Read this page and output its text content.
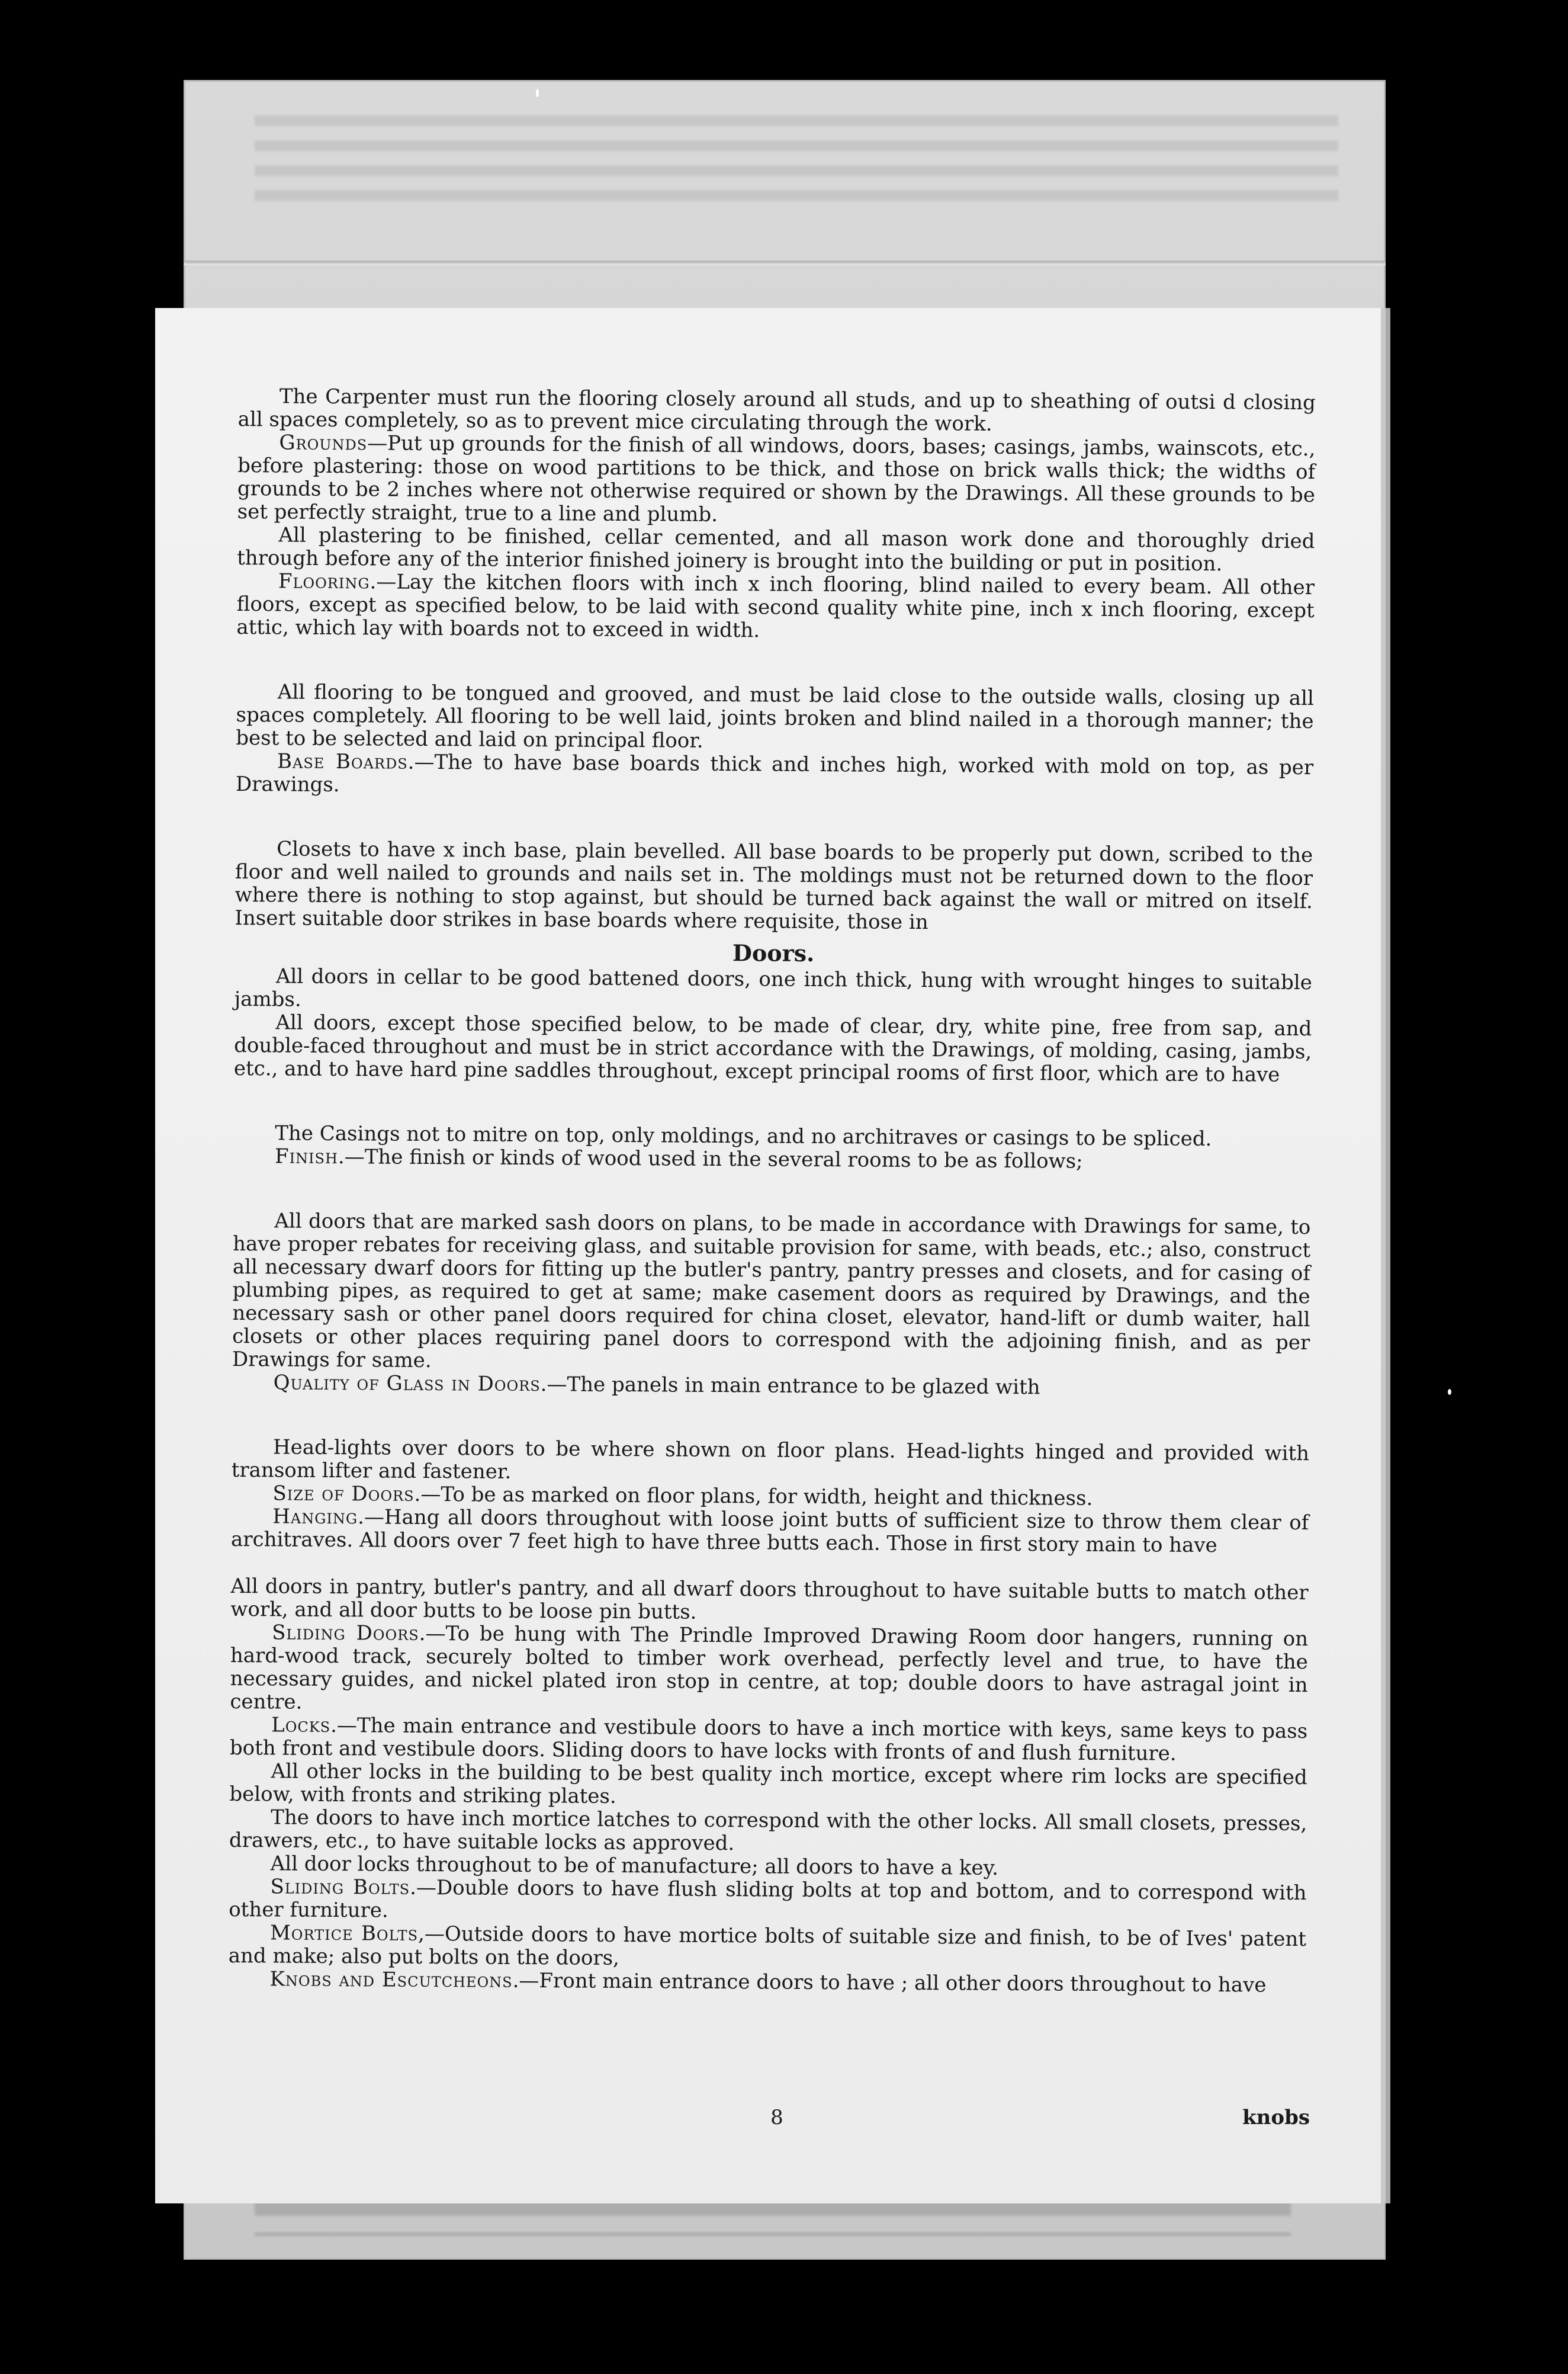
The Carpenter must run the flooring closely around all studs, and up to sheathing of outsi d closing all spaces completely, so as to prevent mice circulating through the work.

Grounds—Put up grounds for the finish of all windows, doors, bases; casings, jambs, wainscots, etc., before plastering: those on wood partitions to be thick, and those on brick walls thick; the widths of grounds to be 2 inches where not otherwise required or shown by the Drawings. All these grounds to be set perfectly straight, true to a line and plumb.

All plastering to be finished, cellar cemented, and all mason work done and thoroughly dried through before any of the interior finished joinery is brought into the building or put in position.

Flooring.—Lay the kitchen floors with inch x inch flooring, blind nailed to every beam. All other floors, except as specified below, to be laid with second quality white pine, inch x inch flooring, except attic, which lay with boards not to exceed in width.

All flooring to be tongued and grooved, and must be laid close to the outside walls, closing up all spaces completely. All flooring to be well laid, joints broken and blind nailed in a thorough manner; the best to be selected and laid on principal floor.

Base Boards.—The to have base boards thick and inches high, worked with mold on top, as per Drawings.

Closets to have x inch base, plain bevelled. All base boards to be properly put down, scribed to the floor and well nailed to grounds and nails set in. The moldings must not be returned down to the floor where there is nothing to stop against, but should be turned back against the wall or mitred on itself. Insert suitable door strikes in base boards where requisite, those in

Doors.

All doors in cellar to be good battened doors, one inch thick, hung with wrought hinges to suitable jambs.

All doors, except those specified below, to be made of clear, dry, white pine, free from sap, and double-faced throughout and must be in strict accordance with the Drawings, of molding, casing, jambs, etc., and to have hard pine saddles throughout, except principal rooms of first floor, which are to have

The Casings not to mitre on top, only moldings, and no architraves or casings to be spliced.

Finish.—The finish or kinds of wood used in the several rooms to be as follows;

All doors that are marked sash doors on plans, to be made in accordance with Drawings for same, to have proper rebates for receiving glass, and suitable provision for same, with beads, etc.; also, construct all necessary dwarf doors for fitting up the butler's pantry, pantry presses and closets, and for casing of plumbing pipes, as required to get at same; make casement doors as required by Drawings, and the necessary sash or other panel doors required for china closet, elevator, hand-lift or dumb waiter, hall closets or other places requiring panel doors to correspond with the adjoining finish, and as per Drawings for same.

Quality of Glass in Doors.—The panels in main entrance to be glazed with

Head-lights over doors to be where shown on floor plans. Head-lights hinged and provided with transom lifter and fastener.

Size of Doors.—To be as marked on floor plans, for width, height and thickness.

Hanging.—Hang all doors throughout with loose joint butts of sufficient size to throw them clear of architraves. All doors over 7 feet high to have three butts each. Those in first story main to have

All doors in pantry, butler's pantry, and all dwarf doors throughout to have suitable butts to match other work, and all door butts to be loose pin butts.

Sliding Doors.—To be hung with The Prindle Improved Drawing Room door hangers, running on hard-wood track, securely bolted to timber work overhead, perfectly level and true, to have the necessary guides, and nickel plated iron stop in centre, at top; double doors to have astragal joint in centre.

Locks.—The main entrance and vestibule doors to have a inch mortice with keys, same keys to pass both front and vestibule doors. Sliding doors to have locks with fronts of and flush furniture.

All other locks in the building to be best quality inch mortice, except where rim locks are specified below, with fronts and striking plates.

The doors to have inch mortice latches to correspond with the other locks. All small closets, presses, drawers, etc., to have suitable locks as approved.

All door locks throughout to be of manufacture; all doors to have a key.

Sliding Bolts.—Double doors to have flush sliding bolts at top and bottom, and to correspond with other furniture.

Mortice Bolts,—Outside doors to have mortice bolts of suitable size and finish, to be of Ives' patent and make; also put bolts on the doors,

Knobs and Escutcheons.—Front main entrance doors to have ; all other doors throughout to have

8	knobs
